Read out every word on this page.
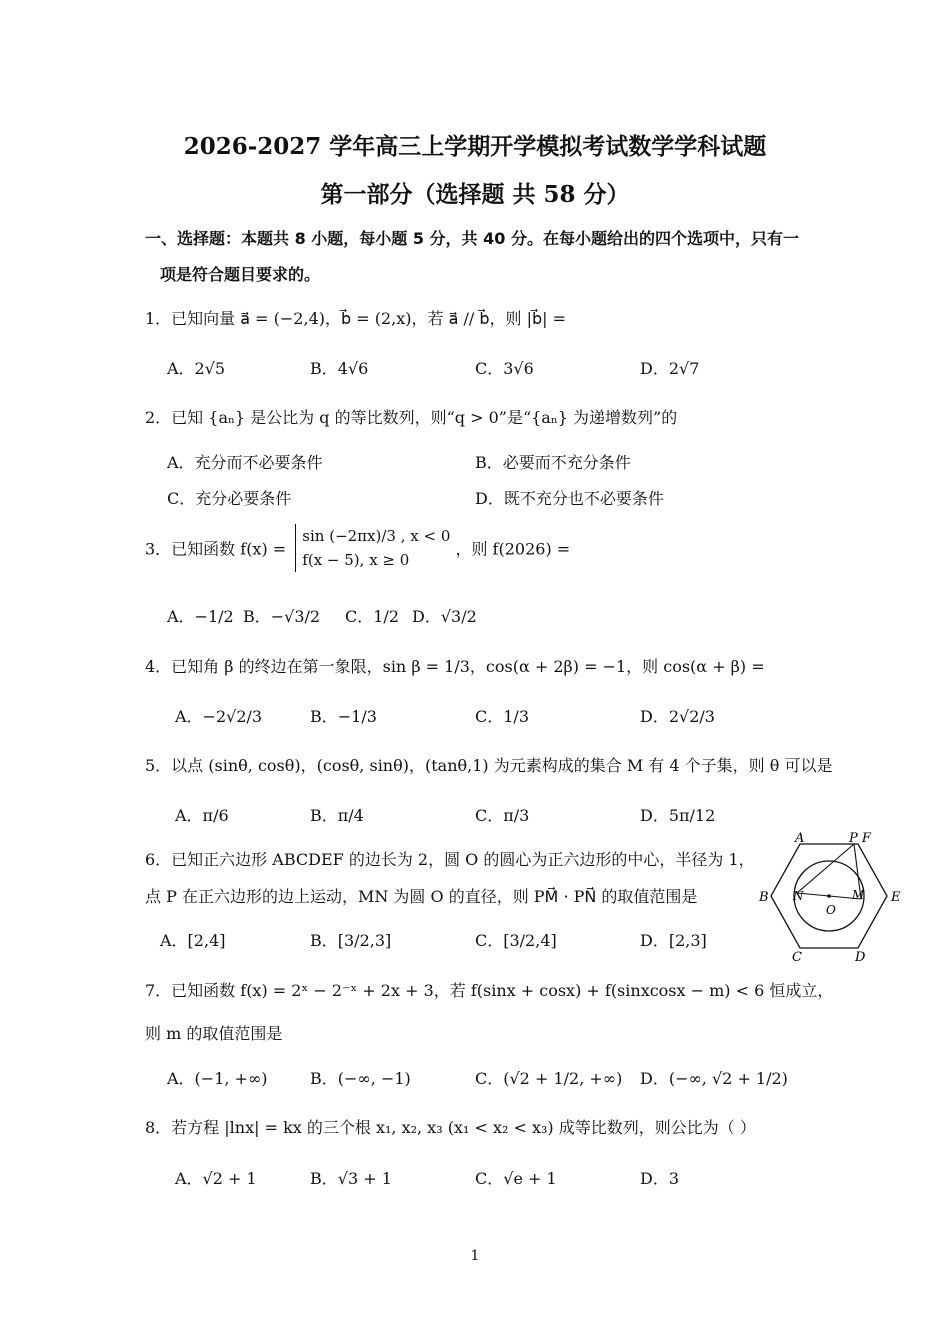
2026-2027 学年高三上学期开学模拟考试数学学科试题
第一部分（选择题 共 58 分）
一、选择题：本题共 8 小题，每小题 5 分，共 40 分。在每小题给出的四个选项中，只有一
项是符合题目要求的。
1．已知向量 a⃗ = (−2,4)，b⃗ = (2,x)，若 a⃗ // b⃗，则 |b⃗| =
A．2√5	B．4√6	C．3√6	D．2√7
2．已知 {aₙ} 是公比为 q 的等比数列，则“q > 0”是“{aₙ} 为递增数列”的
A．充分而不必要条件	B．必要而不充分条件
C．充分必要条件	D．既不充分也不必要条件
3．已知函数 f(x) =
sin (−2πx)/3 , x < 0
f(x − 5), x ≥ 0
，则 f(2026) =
A．−1/2 B．−√3/2 C．1/2 D．√3/2
4．已知角 β 的终边在第一象限，sin β = 1/3，cos(α + 2β) = −1，则 cos(α + β) =
A．−2√2/3	B．−1/3	C．1/3	D．2√2/3
5．以点 (sinθ, cosθ)，(cosθ, sinθ)，(tanθ,1) 为元素构成的集合 M 有 4 个子集，则 θ 可以是
A．π/6	B．π/4	C．π/3	D．5π/12
6．已知正六边形 ABCDEF 的边长为 2，圆 O 的圆心为正六边形的中心，半径为 1，
点 P 在正六边形的边上运动，MN 为圆 O 的直径，则 PM⃗ · PN⃗ 的取值范围是
A．[2,4]	B．[3/2,3]	C．[3/2,4]	D．[2,3]
A	P F
B	E
C	D
N	M
O
7．已知函数 f(x) = 2ˣ − 2⁻ˣ + 2x + 3，若 f(sinx + cosx) + f(sinxcosx − m) < 6 恒成立，
则 m 的取值范围是
A．(−1, +∞)	B．(−∞, −1)	C．(√2 + 1/2, +∞) D．(−∞, √2 + 1/2)
8．若方程 |lnx| = kx 的三个根 x₁, x₂, x₃ (x₁ < x₂ < x₃) 成等比数列，则公比为（ ）
A．√2 + 1	B．√3 + 1	C．√e + 1	D．3
1
